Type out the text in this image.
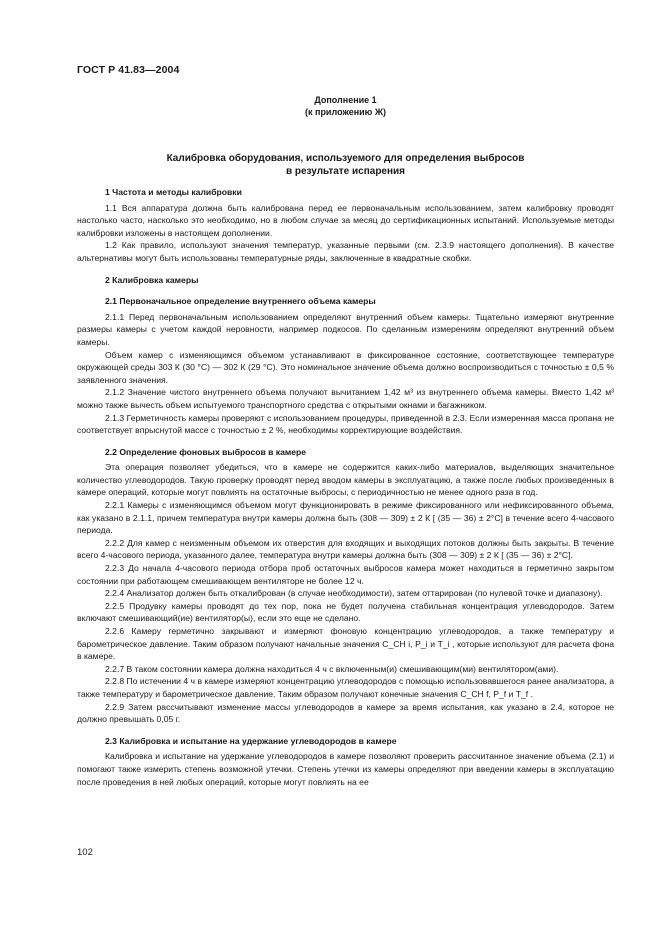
ГОСТ Р 41.83—2004
Дополнение 1
(к приложению Ж)
Калибровка оборудования, используемого для определения выбросов
в результате испарения
1 Частота и методы калибровки

1.1 Вся аппаратура должна быть калибрована перед ее первоначальным использованием, затем калибровку проводят настолько часто, насколько это необходимо, но в любом случае за месяц до сертификационных испытаний. Используемые методы калибровки изложены в настоящем дополнении.

1.2 Как правило, используют значения температур, указанные первыми (см. 2.3.9 настоящего дополнения). В качестве альтернативы могут быть использованы температурные ряды, заключенные в квадратные скобки.

2 Калибровка камеры
2.1 Первоначальное определение внутреннего объема камеры

2.1.1 Перед первоначальным использованием определяют внутренний объем камеры. Тщательно измеряют внутренние размеры камеры с учетом каждой неровности, например подкосов. По сделанным измерениям определяют внутренний объем камеры.

Объем камер с изменяющимся объемом устанавливают в фиксированное состояние, соответствующее температуре окружающей среды 303 К (30 °С) — 302 К (29 °С). Это номинальное значение объема должно воспроизводиться с точностью ± 0,5 % заявленного значения.

2.1.2 Значение чистого внутреннего объема получают вычитанием 1,42 м³ из внутреннего объема камеры. Вместо 1,42 м³ можно также вычесть объем испытуемого транспортного средства с открытыми окнами и багажником.

2.1.3 Герметичность камеры проверяют с использованием процедуры, приведенной в 2.3. Если измеренная масса пропана не соответствует впрыснутой массе с точностью ± 2 %, необходимы корректирующие воздействия.

2.2 Определение фоновых выбросов в камере

Эта операция позволяет убедиться, что в камере не содержится каких-либо материалов, выделяющих значительное количество углеводородов. Такую проверку проводят перед вводом камеры в эксплуатацию, а также после любых произведенных в камере операций, которые могут повлиять на остаточные выбросы, с периодичностью не менее одного раза в год.

2.2.1 Камеры с изменяющимся объемом могут функционировать в режиме фиксированного или нефиксированного объема, как указано в 2.1.1, причем температура внутри камеры должна быть (308 — 309) ± 2 К [ (35 — 36) ± 2°С] в течение всего 4-часового периода.

2.2.2 Для камер с неизменным объемом их отверстия для входящих и выходящих потоков должны быть закрыты. В течение всего 4-часового периода, указанного далее, температура внутри камеры должна быть (308 — 309) ± 2 К [ (35 — 36) ± 2°С].

2.2.3 До начала 4-часового периода отбора проб остаточных выбросов камера может находиться в герметично закрытом состоянии при работающем смешивающем вентиляторе не более 12 ч.

2.2.4 Анализатор должен быть откалиброван (в случае необходимости), затем оттарирован (по нулевой точке и диапазону).

2.2.5 Продувку камеры проводят до тех пор, пока не будет получена стабильная концентрация углеводородов. Затем включают смешивающий(ие) вентилятор(ы), если это еще не сделано.

2.2.6 Камеру герметично закрывают и измеряют фоновую концентрацию углеводородов, а также температуру и барометрическое давление. Таким образом получают начальные значения C_CH i, P_i и T_i , которые используют для расчета фона в камере.

2.2.7 В таком состоянии камера должна находиться 4 ч с включенным(и) смешивающим(ми) вентилятором(ами).

2.2.8 По истечении 4 ч в камере измеряют концентрацию углеводородов с помощью использовавшегося ранее анализатора, а также температуру и барометрическое давление. Таким образом получают конечные значения C_CH f, P_f и T_f .

2.2.9 Затем рассчитывают изменение массы углеводородов в камере за время испытания, как указано в 2.4, которое не должно превышать 0,05 г.

2.3 Калибровка и испытание на удержание углеводородов в камере

Калибровка и испытание на удержание углеводородов в камере позволяют проверить рассчитанное значение объема (2.1) и помогают также измерить степень возможной утечки. Степень утечки из камеры определяют при введении камеры в эксплуатацию после проведения в ней любых операций, которые могут повлиять на ее

102
